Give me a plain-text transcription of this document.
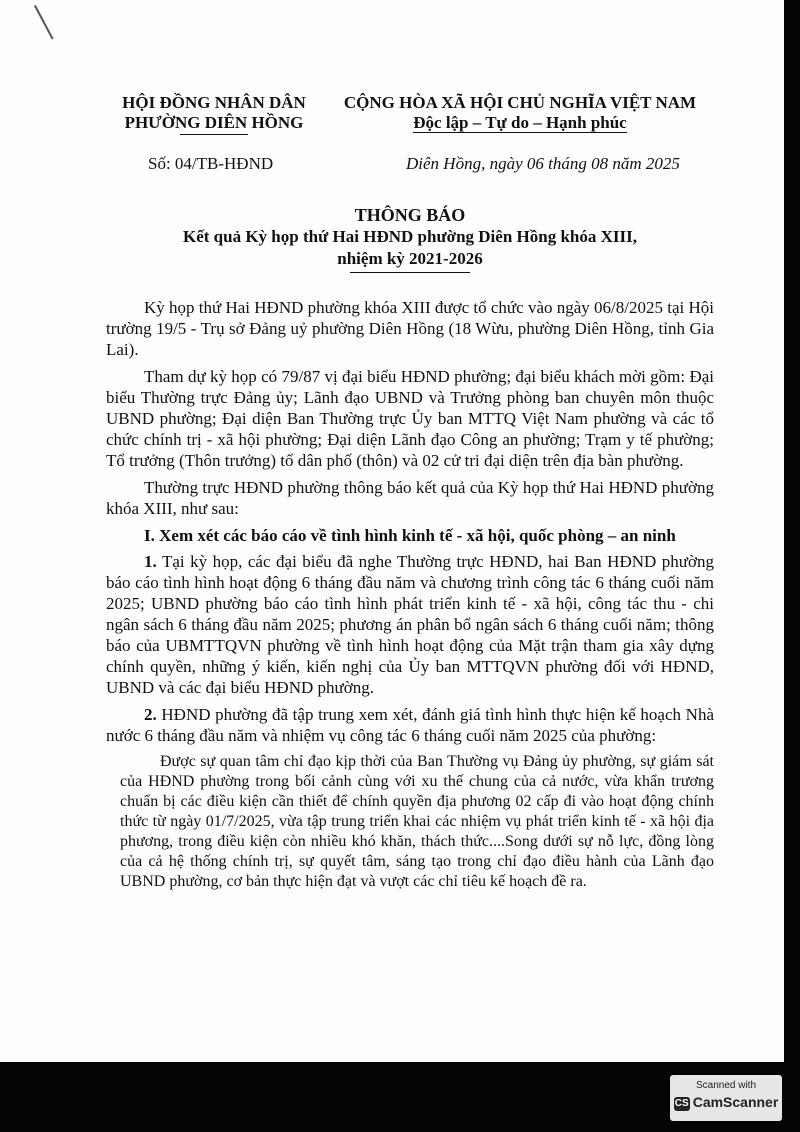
HỘI ĐỒNG NHÂN DÂN
PHƯỜNG DIÊN HỒNG
CỘNG HÒA XÃ HỘI CHỦ NGHĨA VIỆT NAM
Độc lập – Tự do – Hạnh phúc
Số: 04/TB-HĐND	Diên Hồng, ngày 06 tháng 08 năm 2025
THÔNG BÁO
Kết quả Kỳ họp thứ Hai HĐND phường Diên Hồng khóa XIII,
nhiệm kỳ 2021-2026

Kỳ họp thứ Hai HĐND phường khóa XIII được tổ chức vào ngày 06/8/2025 tại Hội trường 19/5 - Trụ sở Đảng uỷ phường Diên Hồng (18 Wừu, phường Diên Hồng, tỉnh Gia Lai).

Tham dự kỳ họp có 79/87 vị đại biểu HĐND phường; đại biểu khách mời gồm: Đại biểu Thường trực Đảng ủy; Lãnh đạo UBND và Trưởng phòng ban chuyên môn thuộc UBND phường; Đại diện Ban Thường trực Ủy ban MTTQ Việt Nam phường và các tổ chức chính trị - xã hội phường; Đại diện Lãnh đạo Công an phường; Trạm y tế phường; Tổ trưởng (Thôn trưởng) tổ dân phố (thôn) và 02 cử tri đại diện trên địa bàn phường.

Thường trực HĐND phường thông báo kết quả của Kỳ họp thứ Hai HĐND phường khóa XIII, như sau:

I. Xem xét các báo cáo về tình hình kinh tế - xã hội, quốc phòng – an ninh

1. Tại kỳ họp, các đại biểu đã nghe Thường trực HĐND, hai Ban HĐND phường báo cáo tình hình hoạt động 6 tháng đầu năm và chương trình công tác 6 tháng cuối năm 2025; UBND phường báo cáo tình hình phát triển kinh tế - xã hội, công tác thu - chi ngân sách 6 tháng đầu năm 2025; phương án phân bổ ngân sách 6 tháng cuối năm; thông báo của UBMTTQVN phường về tình hình hoạt động của Mặt trận tham gia xây dựng chính quyền, những ý kiến, kiến nghị của Ủy ban MTTQVN phường đối với HĐND, UBND và các đại biểu HĐND phường.

2. HĐND phường đã tập trung xem xét, đánh giá tình hình thực hiện kế hoạch Nhà nước 6 tháng đầu năm và nhiệm vụ công tác 6 tháng cuối năm 2025 của phường:

Được sự quan tâm chỉ đạo kịp thời của Ban Thường vụ Đảng ủy phường, sự giám sát của HĐND phường trong bối cảnh cùng với xu thế chung của cả nước, vừa khẩn trương chuẩn bị các điều kiện cần thiết để chính quyền địa phương 02 cấp đi vào hoạt động chính thức từ ngày 01/7/2025, vừa tập trung triển khai các nhiệm vụ phát triển kinh tế - xã hội địa phương, trong điều kiện còn nhiều khó khăn, thách thức....Song dưới sự nỗ lực, đồng lòng của cả hệ thống chính trị, sự quyết tâm, sáng tạo trong chỉ đạo điều hành của Lãnh đạo UBND phường, cơ bản thực hiện đạt và vượt các chỉ tiêu kế hoạch đề ra.

Scanned with
CS CamScanner
